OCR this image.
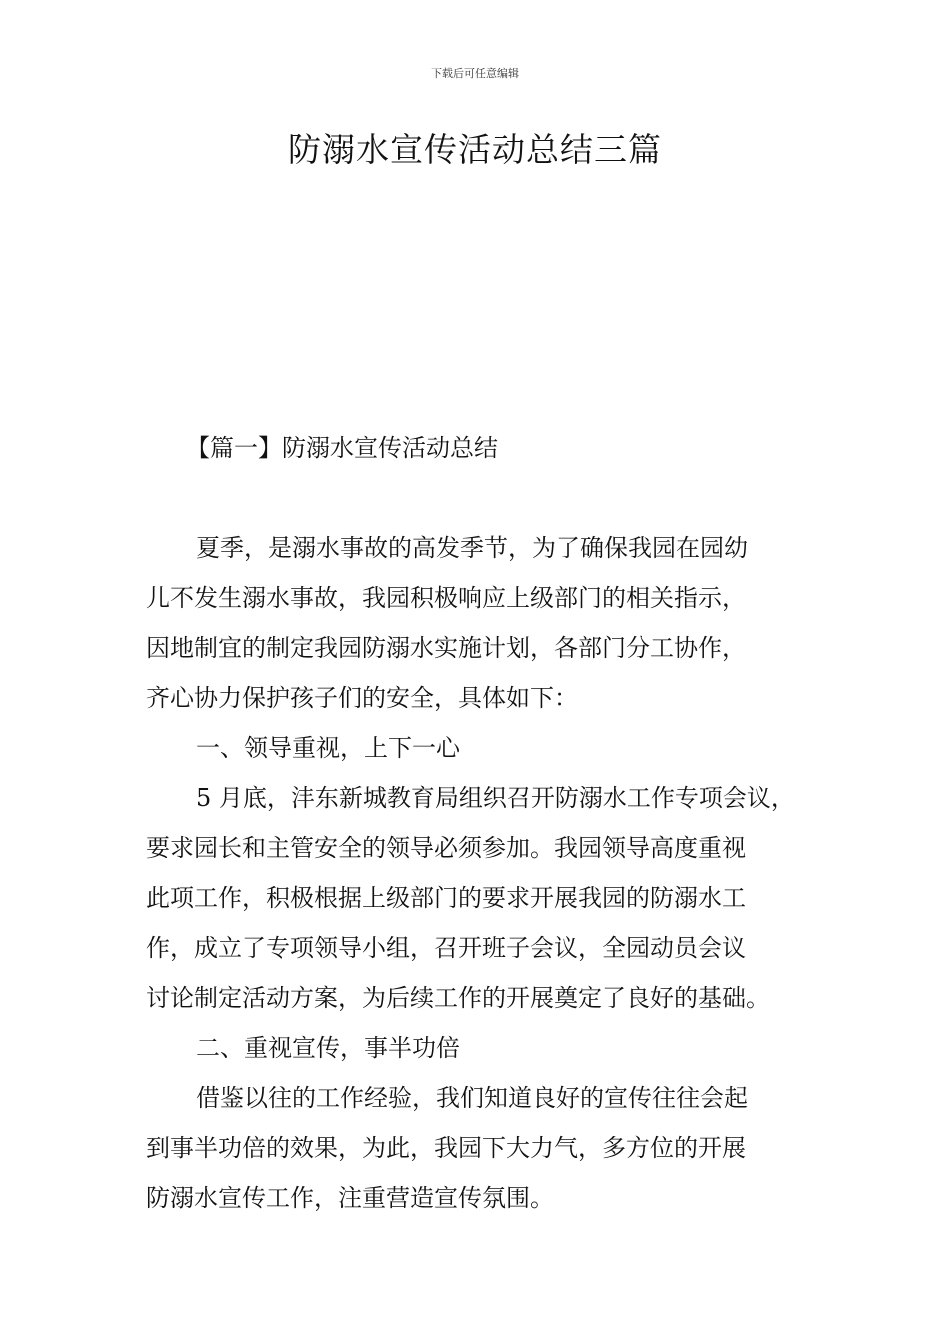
下载后可任意编辑
防溺水宣传活动总结三篇
【篇一】防溺水宣传活动总结

夏季，是溺水事故的高发季节，为了确保我园在园幼

儿不发生溺水事故，我园积极响应上级部门的相关指示，

因地制宜的制定我园防溺水实施计划，各部门分工协作，

齐心协力保护孩子们的安全，具体如下：

一、领导重视，上下一心

5 月底，沣东新城教育局组织召开防溺水工作专项会议，

要求园长和主管安全的领导必须参加。我园领导高度重视

此项工作，积极根据上级部门的要求开展我园的防溺水工

作，成立了专项领导小组，召开班子会议，全园动员会议

讨论制定活动方案，为后续工作的开展奠定了良好的基础。

二、重视宣传，事半功倍

借鉴以往的工作经验，我们知道良好的宣传往往会起

到事半功倍的效果，为此，我园下大力气，多方位的开展

防溺水宣传工作，注重营造宣传氛围。
